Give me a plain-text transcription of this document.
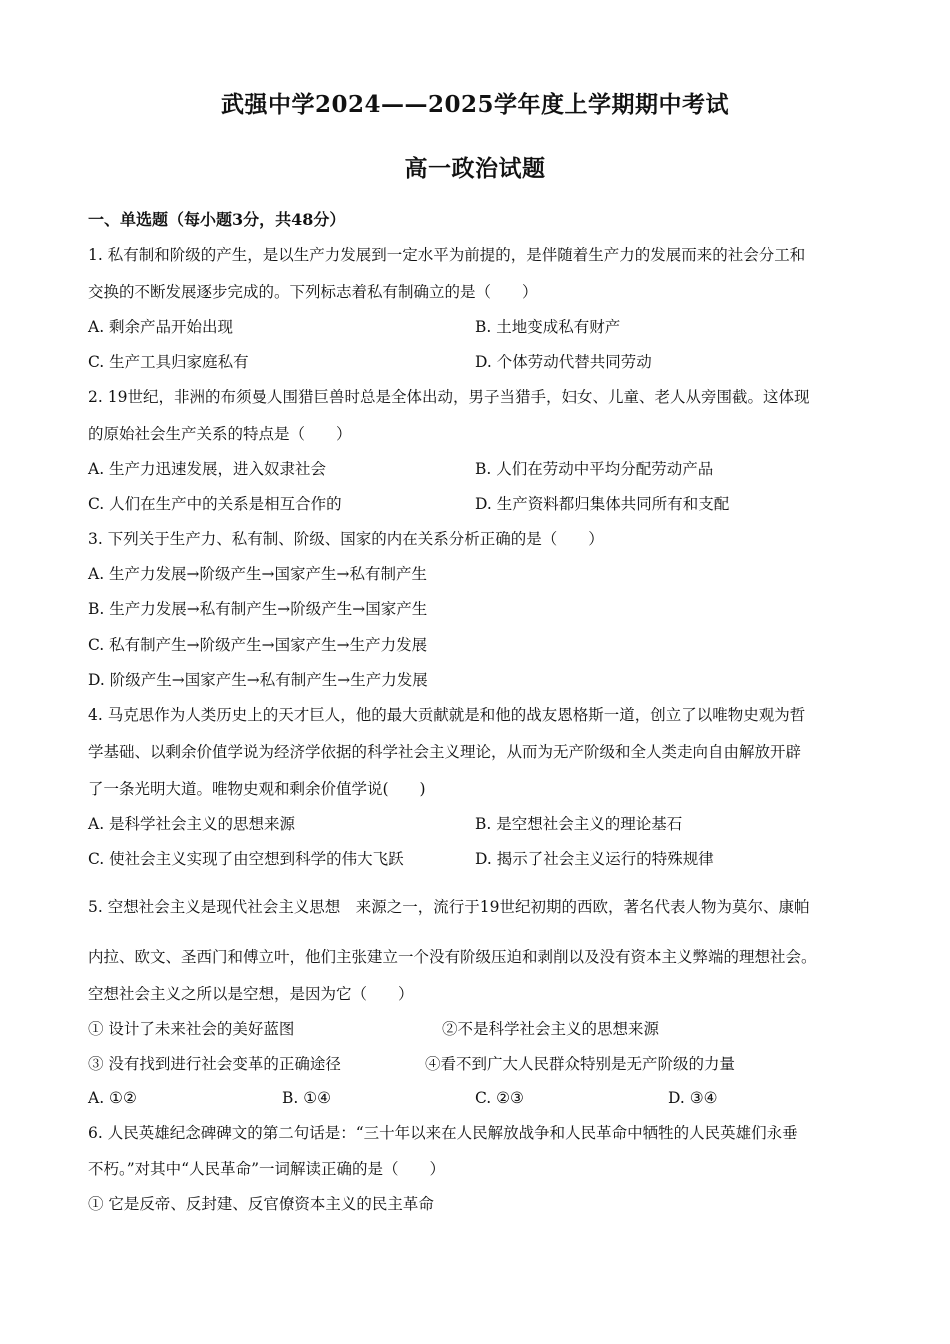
武强中学2024——2025学年度上学期期中考试
高一政治试题
一、单选题（每小题3分，共48分）
1. 私有制和阶级的产生，是以生产力发展到一定水平为前提的，是伴随着生产力的发展而来的社会分工和
交换的不断发展逐步完成的。下列标志着私有制确立的是（　　）
A. 剩余产品开始出现	B. 土地变成私有财产
C. 生产工具归家庭私有	D. 个体劳动代替共同劳动
2. 19世纪，非洲的布须曼人围猎巨兽时总是全体出动，男子当猎手，妇女、儿童、老人从旁围截。这体现
的原始社会生产关系的特点是（　　）
A. 生产力迅速发展，进入奴隶社会	B. 人们在劳动中平均分配劳动产品
C. 人们在生产中的关系是相互合作的	D. 生产资料都归集体共同所有和支配
3. 下列关于生产力、私有制、阶级、国家的内在关系分析正确的是（　　）
A. 生产力发展→阶级产生→国家产生→私有制产生
B. 生产力发展→私有制产生→阶级产生→国家产生
C. 私有制产生→阶级产生→国家产生→生产力发展
D. 阶级产生→国家产生→私有制产生→生产力发展
4. 马克思作为人类历史上的天才巨人，他的最大贡献就是和他的战友恩格斯一道，创立了以唯物史观为哲
学基础、以剩余价值学说为经济学依据的科学社会主义理论，从而为无产阶级和全人类走向自由解放开辟
了一条光明大道。唯物史观和剩余价值学说(　　)
A. 是科学社会主义的思想来源	B. 是空想社会主义的理论基石
C. 使社会主义实现了由空想到科学的伟大飞跃	D. 揭示了社会主义运行的特殊规律
5. 空想社会主义是现代社会主义思想　来源之一，流行于19世纪初期的西欧，著名代表人物为莫尔、康帕
内拉、欧文、圣西门和傅立叶，他们主张建立一个没有阶级压迫和剥削以及没有资本主义弊端的理想社会。
空想社会主义之所以是空想，是因为它（　　）
① 设计了未来社会的美好蓝图	②不是科学社会主义的思想来源
③ 没有找到进行社会变革的正确途径	④看不到广大人民群众特别是无产阶级的力量
A. ①②	B. ①④	C. ②③	D. ③④
6. 人民英雄纪念碑碑文的第二句话是：“三十年以来在人民解放战争和人民革命中牺牲的人民英雄们永垂
不朽。”对其中“人民革命”一词解读正确的是（　　）
① 它是反帝、反封建、反官僚资本主义的民主革命
